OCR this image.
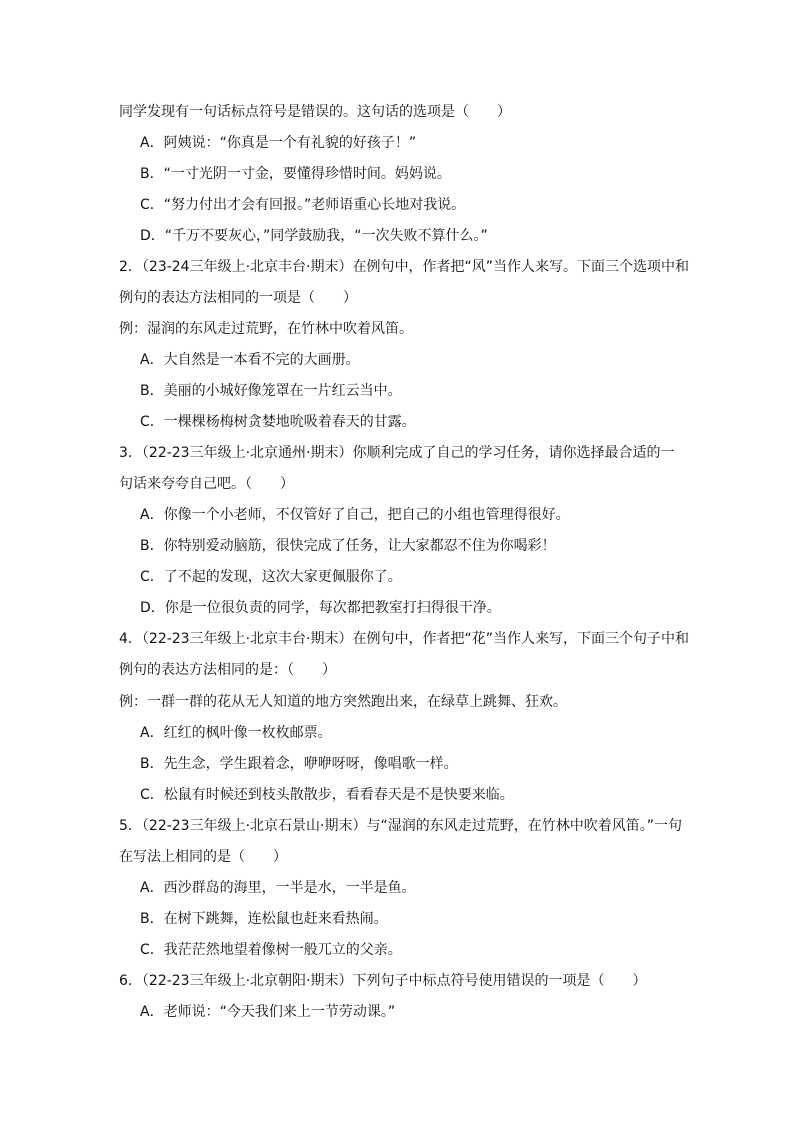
同学发现有一句话标点符号是错误的。这句话的选项是（　　）
A．阿姨说：“你真是一个有礼貌的好孩子！”
B．“一寸光阴一寸金，要懂得珍惜时间。妈妈说。
C．“努力付出才会有回报。”老师语重心长地对我说。
D．“千万不要灰心，”同学鼓励我，“一次失败不算什么。”
2．（23-24三年级上·北京丰台·期末）在例句中，作者把“风”当作人来写。下面三个选项中和
例句的表达方法相同的一项是（　　）
例：湿润的东风走过荒野，在竹林中吹着风笛。
A．大自然是一本看不完的大画册。
B．美丽的小城好像笼罩在一片红云当中。
C．一棵棵杨梅树贪婪地吮吸着春天的甘露。
3．（22-23三年级上·北京通州·期末）你顺利完成了自己的学习任务，请你选择最合适的一
句话来夸夸自己吧。（　　）
A．你像一个小老师，不仅管好了自己，把自己的小组也管理得很好。
B．你特别爱动脑筋，很快完成了任务，让大家都忍不住为你喝彩！
C．了不起的发现，这次大家更佩服你了。
D．你是一位很负责的同学，每次都把教室打扫得很干净。
4．（22-23三年级上·北京丰台·期末）在例句中，作者把“花”当作人来写，下面三个句子中和
例句的表达方法相同的是：（　　）
例：一群一群的花从无人知道的地方突然跑出来，在绿草上跳舞、狂欢。
A．红红的枫叶像一枚枚邮票。
B．先生念，学生跟着念，咿咿呀呀，像唱歌一样。
C．松鼠有时候还到枝头散散步，看看春天是不是快要来临。
5．（22-23三年级上·北京石景山·期末）与“湿润的东风走过荒野，在竹林中吹着风笛。”一句
在写法上相同的是（　　）
A．西沙群岛的海里，一半是水，一半是鱼。
B．在树下跳舞，连松鼠也赶来看热闹。
C．我茫茫然地望着像树一般兀立的父亲。
6．（22-23三年级上·北京朝阳·期末）下列句子中标点符号使用错误的一项是（　　）
A．老师说：“今天我们来上一节劳动课。”
